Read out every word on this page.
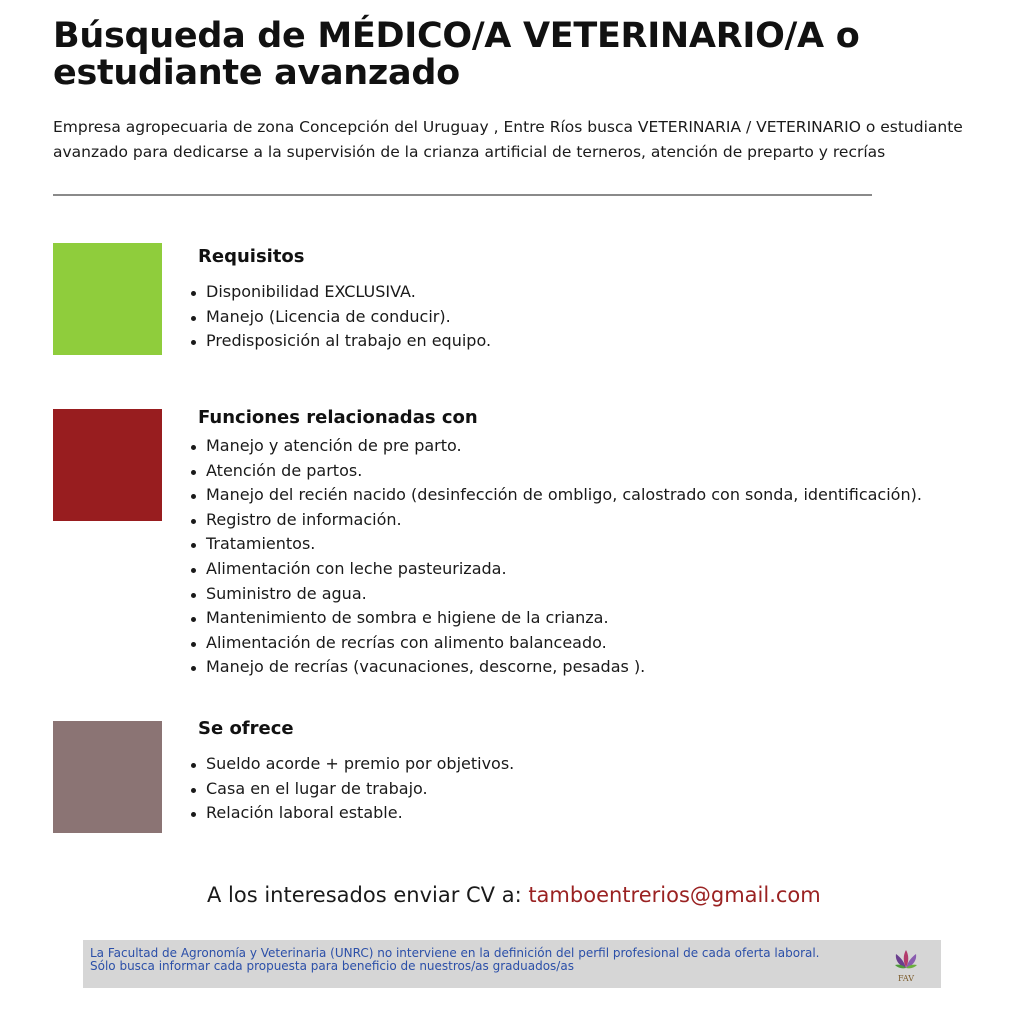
Búsqueda de MÉDICO/A VETERINARIO/A o estudiante avanzado

Empresa agropecuaria de zona Concepción del Uruguay , Entre Ríos busca VETERINARIA / VETERINARIO o estudiante avanzado para dedicarse a la supervisión de la crianza artificial de terneros, atención de preparto y recrías

Requisitos
Disponibilidad EXCLUSIVA.
Manejo (Licencia de conducir).
Predisposición al trabajo en equipo.
Funciones relacionadas con
Manejo y atención de pre parto.
Atención de partos.
Manejo del recién nacido (desinfección de ombligo, calostrado con sonda, identificación).
Registro de información.
Tratamientos.
Alimentación con leche pasteurizada.
Suministro de agua.
Mantenimiento de sombra e higiene de la crianza.
Alimentación de recrías con alimento balanceado.
Manejo de recrías (vacunaciones, descorne, pesadas ).
Se ofrece
Sueldo acorde + premio por objetivos.
Casa en el lugar de trabajo.
Relación laboral estable.

A los interesados enviar CV a: tamboentrerios@gmail.com

La Facultad de Agronomía y Veterinaria (UNRC) no interviene en la definición del perfil profesional de cada oferta laboral.
Sólo busca informar cada propuesta para beneficio de nuestros/as graduados/as

FAV
